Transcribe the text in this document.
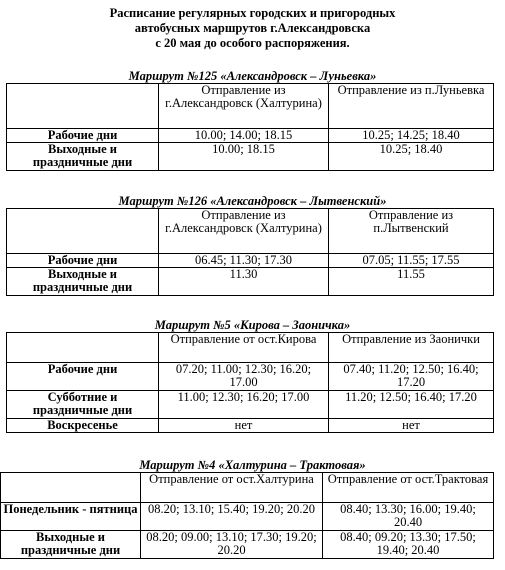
Расписание регулярных городских и пригородных
автобусных маршрутов г.Александровска
с 20 мая до особого распоряжения.
Маршрут №125 «Александровск – Луньевка»
	Отправление из г.Александровск (Халтурина)	Отправление из п.Луньевка
Рабочие дни	10.00; 14.00; 18.15	10.25; 14.25; 18.40
Выходные и праздничные дни	10.00; 18.15	10.25; 18.40
Маршрут №126 «Александровск – Лытвенский»
	Отправление из г.Александровск (Халтурина)	Отправление из п.Лытвенский
Рабочие дни	06.45; 11.30; 17.30	07.05; 11.55; 17.55
Выходные и праздничные дни	11.30	11.55
Маршрут №5 «Кирова – Заоничка»
	Отправление от ост.Кирова	Отправление из Заонички
Рабочие дни	07.20; 11.00; 12.30; 16.20; 17.00	07.40; 11.20; 12.50; 16.40; 17.20
Субботние и праздничные дни	11.00; 12.30; 16.20; 17.00	11.20; 12.50; 16.40; 17.20
Воскресенье	нет	нет
Маршрут №4 «Халтурина – Трактовая»
	Отправление от ост.Халтурина	Отправление от ост.Трактовая
Понедельник - пятница	08.20; 13.10; 15.40; 19.20; 20.20	08.40; 13.30; 16.00; 19.40; 20.40
Выходные и праздничные дни	08.20; 09.00; 13.10; 17.30; 19.20; 20.20	08.40; 09.20; 13.30; 17.50; 19.40; 20.40
